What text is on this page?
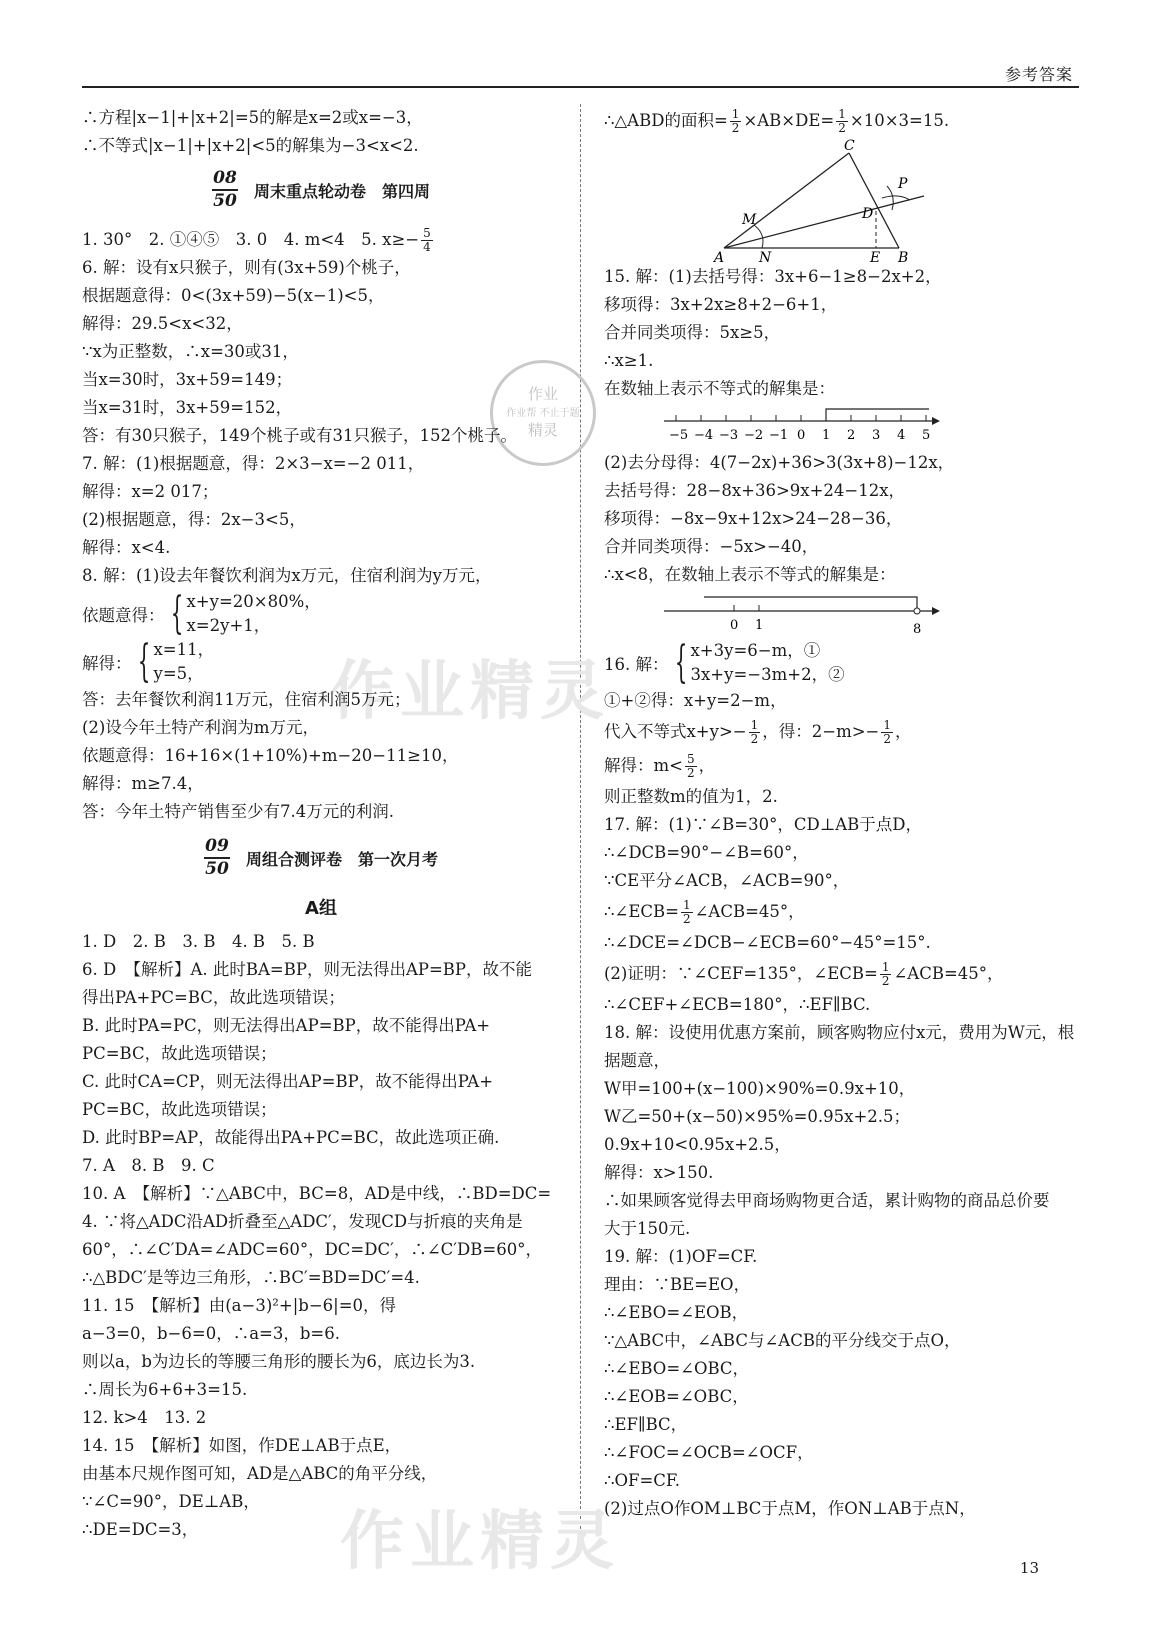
参考答案
作业
作业帮 不止于题
精灵
作业精灵
作业精灵
∴方程|x−1|+|x+2|=5的解是x=2或x=−3，
∴不等式|x−1|+|x+2|<5的解集为−3<x<2.
08
50 周末重点轮动卷　第四周
1. 30°　2. ①④⑤　3. 0　4. m<4　5. $x\ge- \frac{5}{4}$
6. 解：设有x只猴子，则有(3x+59)个桃子，
根据题意得：0<(3x+59)−5(x−1)<5，
解得：29.5<x<32，
∵x为正整数，∴x=30或31，
当x=30时，3x+59=149；
当x=31时，3x+59=152，
答：有30只猴子，149个桃子或有31只猴子，152个桃子。
7. 解：(1)根据题意，得：2×3−x=−2 011，
解得：x=2 017；
(2)根据题意，得：2x−3<5，
解得：x<4.
8. 解：(1)设去年餐饮利润为x万元，住宿利润为y万元，
依题意得： { x+y=20×80%，
x=2y+1，
解得： { x=11，
y=5，
答：去年餐饮利润11万元，住宿利润5万元；
(2)设今年土特产利润为m万元，
依题意得：16+16×(1+10%)+m−20−11≥10，
解得：m≥7.4，
答：今年土特产销售至少有7.4万元的利润.
09
50 周组合测评卷　第一次月考
A组
1. D　2. B　3. B　4. B　5. B
6. D　【解析】A. 此时BA=BP，则无法得出AP=BP，故不能
得出PA+PC=BC，故此选项错误；
B. 此时PA=PC，则无法得出AP=BP，故不能得出PA+
PC=BC，故此选项错误；
C. 此时CA=CP，则无法得出AP=BP，故不能得出PA+
PC=BC，故此选项错误；
D. 此时BP=AP，故能得出PA+PC=BC，故此选项正确.
7. A　8. B　9. C
10. A　【解析】∵△ABC中，BC=8，AD是中线，∴BD=DC=
4. ∵将△ADC沿AD折叠至△ADC′，发现CD与折痕的夹角是
60°，∴∠C′DA=∠ADC=60°，DC=DC′，∴∠C′DB=60°，
∴△BDC′是等边三角形，∴BC′=BD=DC′=4.
11. 15　【解析】由(a−3)²+|b−6|=0，得
a−3=0，b−6=0，∴a=3，b=6.
则以a，b为边长的等腰三角形的腰长为6，底边长为3.
∴周长为6+6+3=15.
12. k>4　13. 2
14. 15　【解析】如图，作DE⊥AB于点E，
由基本尺规作图可知，AD是△ABC的角平分线，
∵∠C=90°，DE⊥AB，
∴DE=DC=3，
∴△ABD的面积= $\frac{1}{2} \times AB\times DE= \frac{1}{2} \times 10\times 3=15$.
C
M	D
P
A N	E B
15. 解：(1)去括号得：3x+6−1≥8−2x+2，
移项得：3x+2x≥8+2−6+1，
合并同类项得：5x≥5，
∴x≥1.
在数轴上表示不等式的解集是：
−5 −4 −3 −2 −1 0 1 2 3 4 5
(2)去分母得：4(7−2x)+36>3(3x+8)−12x，
去括号得：28−8x+36>9x+24−12x，
移项得：−8x−9x+12x>24−28−36，
合并同类项得：−5x>−40，
∴x<8，在数轴上表示不等式的解集是：
0 1	8
16. 解： { x+3y=6−m，①
3x+y=−3m+2，②
①+②得：x+y=2−m，
代入不等式$x+y>- \frac{1}{2}$ ，得：$2-m>- \frac{1}{2}$ ，
解得：$m< \frac{5}{2}$ ，
则正整数m的值为1，2.
17. 解：(1)∵∠B=30°，CD⊥AB于点D，
∴∠DCB=90°−∠B=60°，
∵CE平分∠ACB，∠ACB=90°，
∴∠ECB= $\frac{1}{2}$ ∠ACB=45°，
∴∠DCE=∠DCB−∠ECB=60°−45°=15°.
(2)证明：∵∠CEF=135°，∠ECB= $\frac{1}{2}$ ∠ACB=45°，
∴∠CEF+∠ECB=180°，∴EF∥BC.
18. 解：设使用优惠方案前，顾客购物应付x元，费用为W元，根
据题意，
W甲=100+(x−100)×90%=0.9x+10，
W乙=50+(x−50)×95%=0.95x+2.5；
0.9x+10<0.95x+2.5，
解得：x>150.
∴如果顾客觉得去甲商场购物更合适，累计购物的商品总价要
大于150元.
19. 解：(1)OF=CF.
理由：∵BE=EO，
∴∠EBO=∠EOB，
∵△ABC中，∠ABC与∠ACB的平分线交于点O，
∴∠EBO=∠OBC，
∴∠EOB=∠OBC，
∴EF∥BC，
∴∠FOC=∠OCB=∠OCF，
∴OF=CF.
(2)过点O作OM⊥BC于点M，作ON⊥AB于点N，
13
